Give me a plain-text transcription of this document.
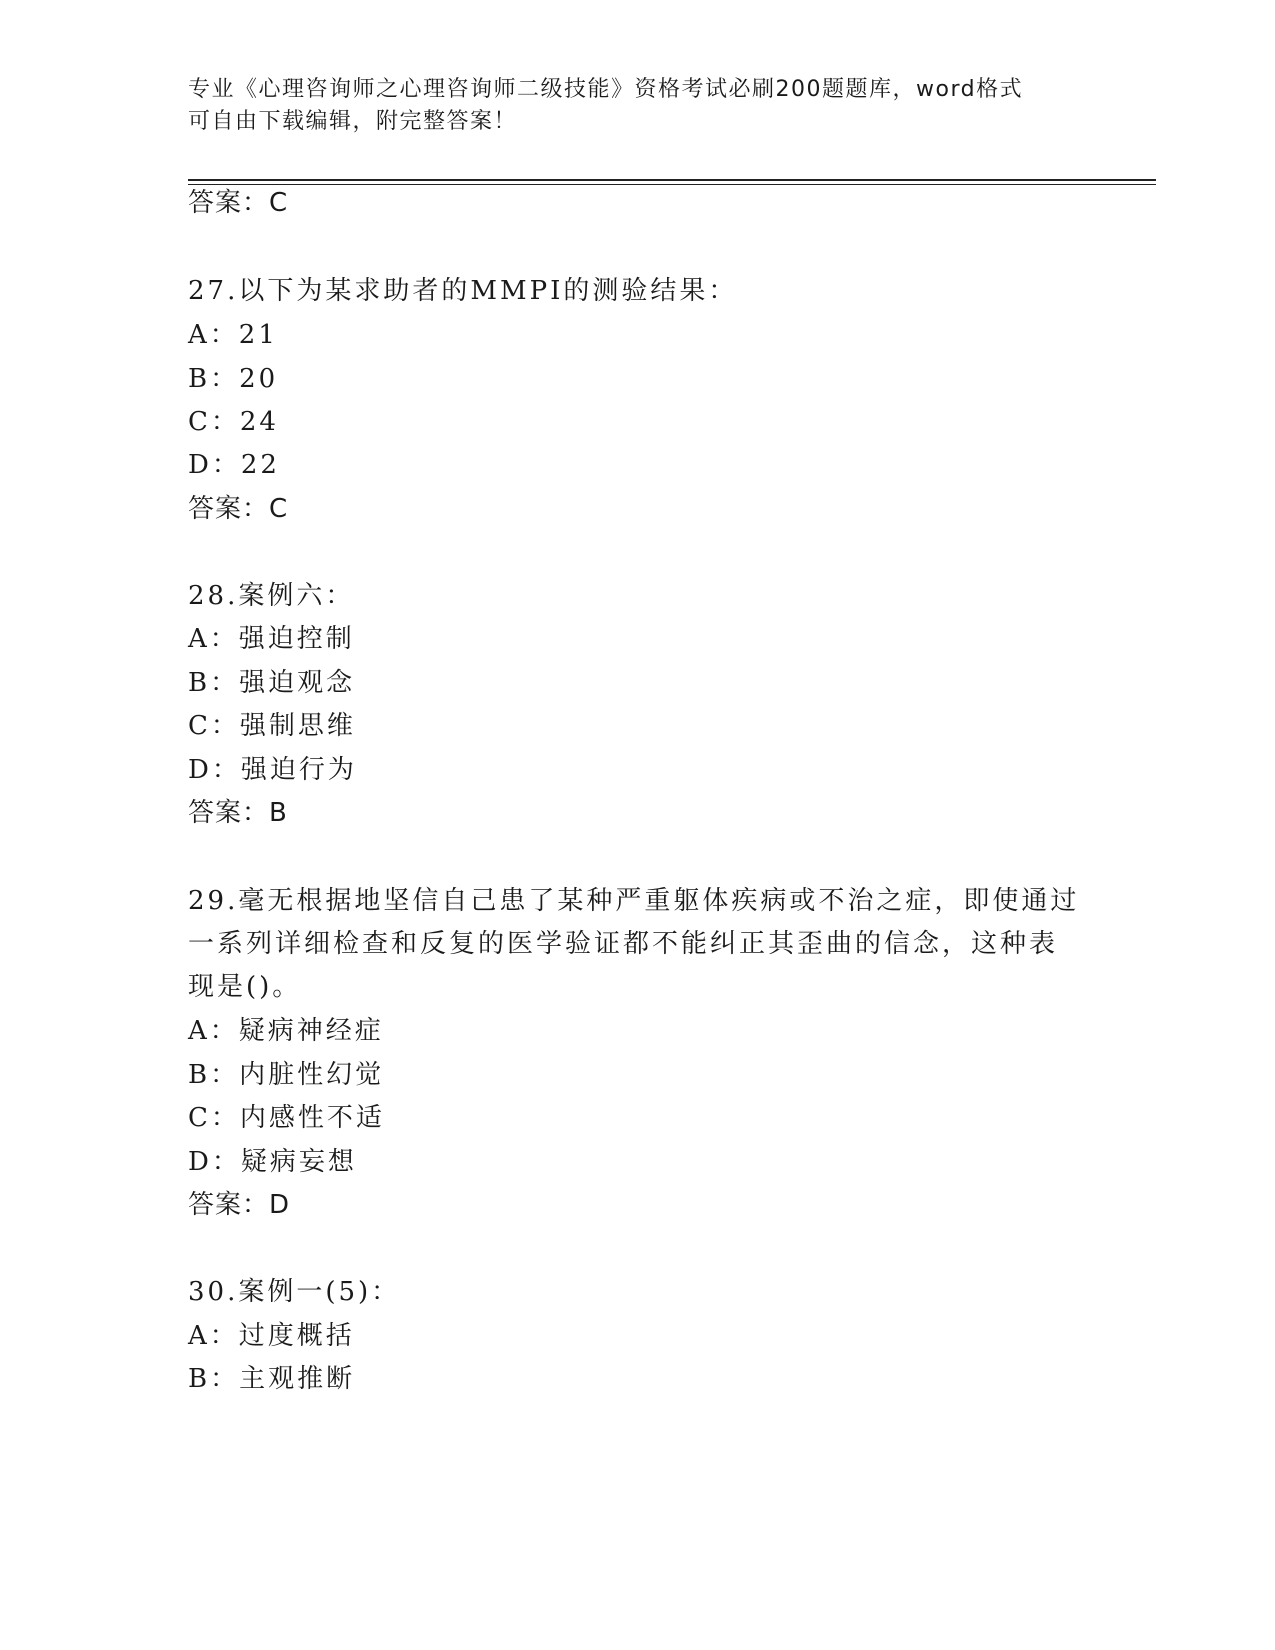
专业《心理咨询师之心理咨询师二级技能》资格考试必刷200题题库，word格式
可自由下载编辑，附完整答案！
答案：C
27.以下为某求助者的MMPI的测验结果：
A：21
B：20
C：24
D：22
答案：C
28.案例六：
A：强迫控制
B：强迫观念
C：强制思维
D：强迫行为
答案：B
29.毫无根据地坚信自己患了某种严重躯体疾病或不治之症，即使通过
一系列详细检查和反复的医学验证都不能纠正其歪曲的信念，这种表
现是()。
A：疑病神经症
B：内脏性幻觉
C：内感性不适
D：疑病妄想
答案：D
30.案例一(5)：
A：过度概括
B：主观推断
